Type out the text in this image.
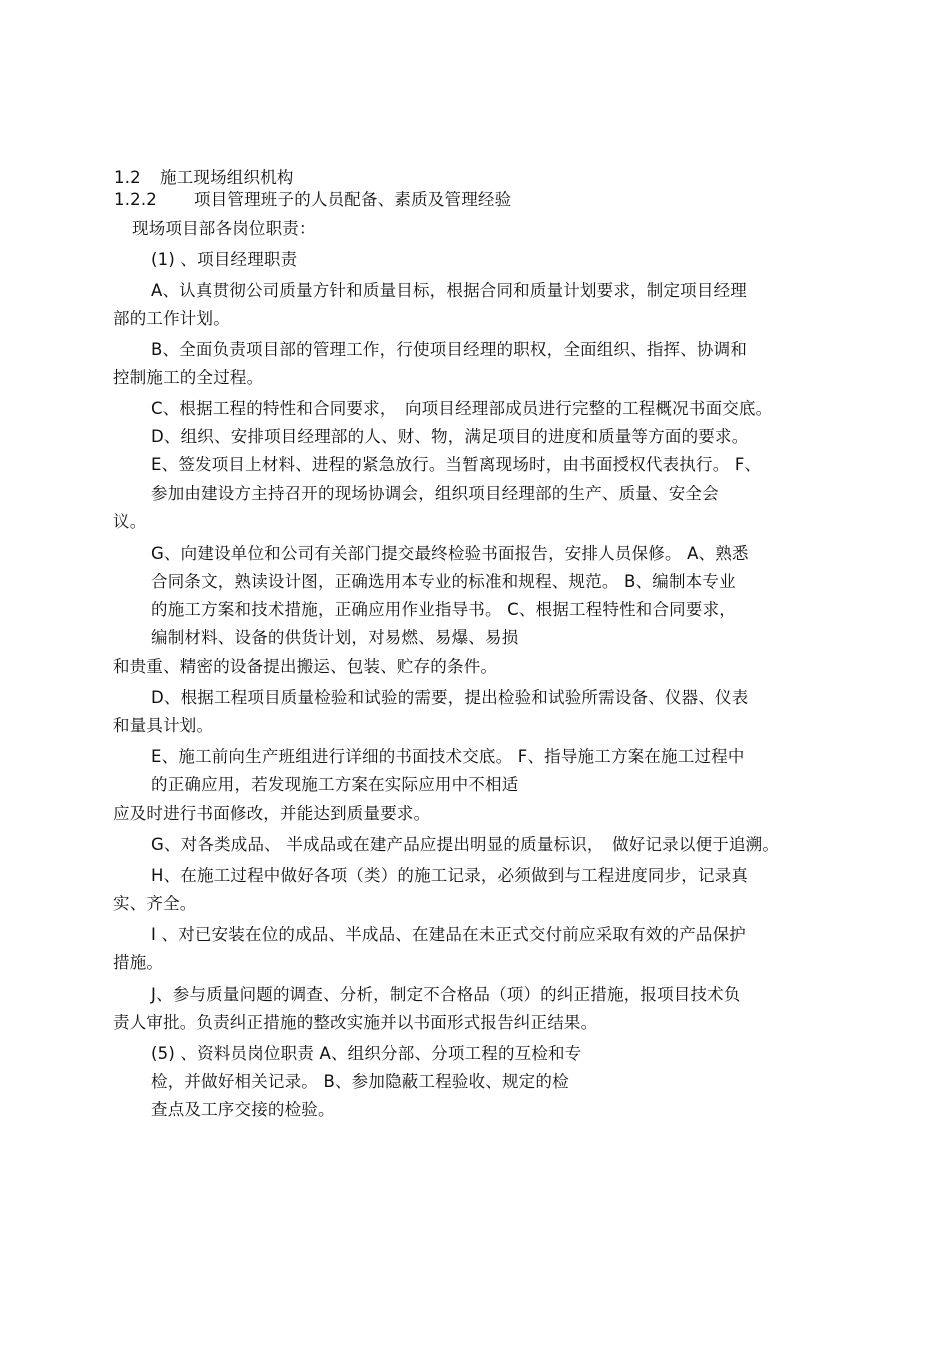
1.2 施工现场组织机构
1.2.2 项目管理班子的人员配备、素质及管理经验
现场项目部各岗位职责：
(1) 、项目经理职责
A、认真贯彻公司质量方针和质量目标，根据合同和质量计划要求，制定项目经理
部的工作计划。
B、全面负责项目部的管理工作，行使项目经理的职权，全面组织、指挥、协调和
控制施工的全过程。
C、根据工程的特性和合同要求，　向项目经理部成员进行完整的工程概况书面交底。
D、组织、安排项目经理部的人、财、物，满足项目的进度和质量等方面的要求。
E、签发项目上材料、进程的紧急放行。当暂离现场时，由书面授权代表执行。 F、
参加由建设方主持召开的现场协调会，组织项目经理部的生产、质量、安全会
议。
G、向建设单位和公司有关部门提交最终检验书面报告，安排人员保修。 A、熟悉
合同条文，熟读设计图，正确选用本专业的标准和规程、规范。 B、编制本专业
的施工方案和技术措施，正确应用作业指导书。 C、根据工程特性和合同要求，
编制材料、设备的供货计划，对易燃、易爆、易损
和贵重、精密的设备提出搬运、包装、贮存的条件。
D、根据工程项目质量检验和试验的需要，提出检验和试验所需设备、仪器、仪表
和量具计划。
E、施工前向生产班组进行详细的书面技术交底。 F、指导施工方案在施工过程中
的正确应用，若发现施工方案在实际应用中不相适
应及时进行书面修改，并能达到质量要求。
G、对各类成品、 半成品或在建产品应提出明显的质量标识，　做好记录以便于追溯。
H、在施工过程中做好各项（类）的施工记录，必须做到与工程进度同步，记录真
实、齐全。
I 、对已安装在位的成品、半成品、在建品在未正式交付前应采取有效的产品保护
措施。
J、参与质量问题的调查、分析，制定不合格品（项）的纠正措施，报项目技术负
责人审批。负责纠正措施的整改实施并以书面形式报告纠正结果。
(5) 、资料员岗位职责 A、组织分部、分项工程的互检和专
检，并做好相关记录。 B、参加隐蔽工程验收、规定的检
查点及工序交接的检验。
